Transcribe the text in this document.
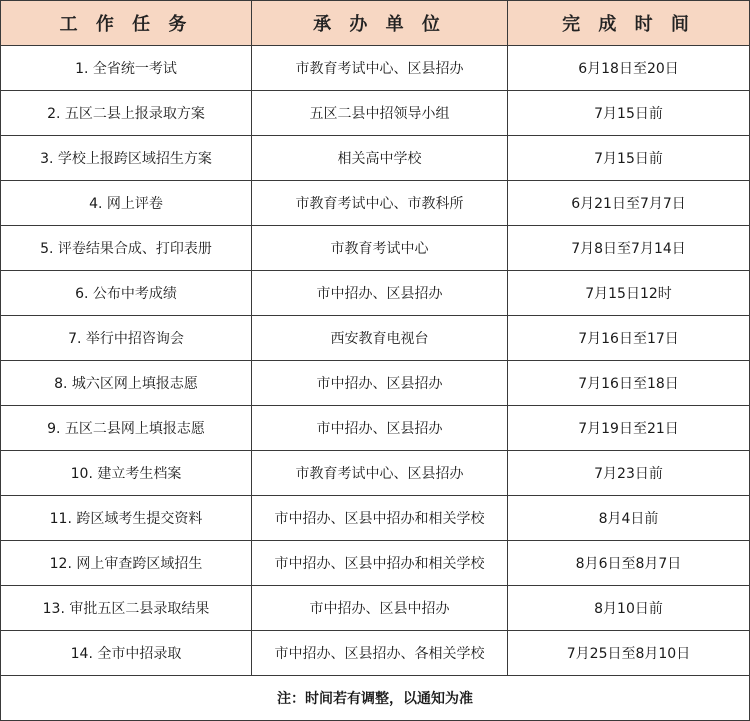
工 作 任 务	承 办 单 位	完 成 时 间
1. 全省统一考试	市教育考试中心、区县招办	6月18日至20日
2. 五区二县上报录取方案	五区二县中招领导小组	7月15日前
3. 学校上报跨区域招生方案	相关高中学校	7月15日前
4. 网上评卷	市教育考试中心、市教科所	6月21日至7月7日
5. 评卷结果合成、打印表册	市教育考试中心	7月8日至7月14日
6. 公布中考成绩	市中招办、区县招办	7月15日12时
7. 举行中招咨询会	西安教育电视台	7月16日至17日
8. 城六区网上填报志愿	市中招办、区县招办	7月16日至18日
9. 五区二县网上填报志愿	市中招办、区县招办	7月19日至21日
10. 建立考生档案	市教育考试中心、区县招办	7月23日前
11. 跨区域考生提交资料	市中招办、区县中招办和相关学校	8月4日前
12. 网上审查跨区域招生	市中招办、区县中招办和相关学校	8月6日至8月7日
13. 审批五区二县录取结果	市中招办、区县中招办	8月10日前
14. 全市中招录取	市中招办、区县招办、各相关学校	7月25日至8月10日
注：时间若有调整，以通知为准		
